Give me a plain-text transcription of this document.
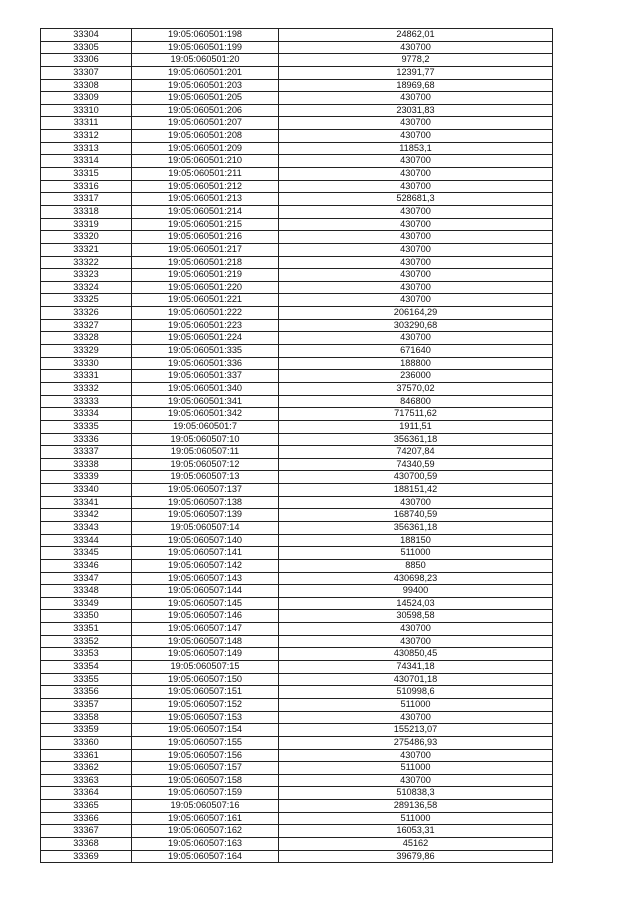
33304	19:05:060501:198	24862,01
33305	19:05:060501:199	430700
33306	19:05:060501:20	9778,2
33307	19:05:060501:201	12391,77
33308	19:05:060501:203	18969,68
33309	19:05:060501:205	430700
33310	19:05:060501:206	23031,83
33311	19:05:060501:207	430700
33312	19:05:060501:208	430700
33313	19:05:060501:209	11853,1
33314	19:05:060501:210	430700
33315	19:05:060501:211	430700
33316	19:05:060501:212	430700
33317	19:05:060501:213	528681,3
33318	19:05:060501:214	430700
33319	19:05:060501:215	430700
33320	19:05:060501:216	430700
33321	19:05:060501:217	430700
33322	19:05:060501:218	430700
33323	19:05:060501:219	430700
33324	19:05:060501:220	430700
33325	19:05:060501:221	430700
33326	19:05:060501:222	206164,29
33327	19:05:060501:223	303290,68
33328	19:05:060501:224	430700
33329	19:05:060501:335	671640
33330	19:05:060501:336	188800
33331	19:05:060501:337	236000
33332	19:05:060501:340	37570,02
33333	19:05:060501:341	846800
33334	19:05:060501:342	717511,62
33335	19:05:060501:7	1911,51
33336	19:05:060507:10	356361,18
33337	19:05:060507:11	74207,84
33338	19:05:060507:12	74340,59
33339	19:05:060507:13	430700,59
33340	19:05:060507:137	188151,42
33341	19:05:060507:138	430700
33342	19:05:060507:139	168740,59
33343	19:05:060507:14	356361,18
33344	19:05:060507:140	188150
33345	19:05:060507:141	511000
33346	19:05:060507:142	8850
33347	19:05:060507:143	430698,23
33348	19:05:060507:144	99400
33349	19:05:060507:145	14524,03
33350	19:05:060507:146	30598,58
33351	19:05:060507:147	430700
33352	19:05:060507:148	430700
33353	19:05:060507:149	430850,45
33354	19:05:060507:15	74341,18
33355	19:05:060507:150	430701,18
33356	19:05:060507:151	510998,6
33357	19:05:060507:152	511000
33358	19:05:060507:153	430700
33359	19:05:060507:154	155213,07
33360	19:05:060507:155	275486,93
33361	19:05:060507:156	430700
33362	19:05:060507:157	511000
33363	19:05:060507:158	430700
33364	19:05:060507:159	510838,3
33365	19:05:060507:16	289136,58
33366	19:05:060507:161	511000
33367	19:05:060507:162	16053,31
33368	19:05:060507:163	45162
33369	19:05:060507:164	39679,86
